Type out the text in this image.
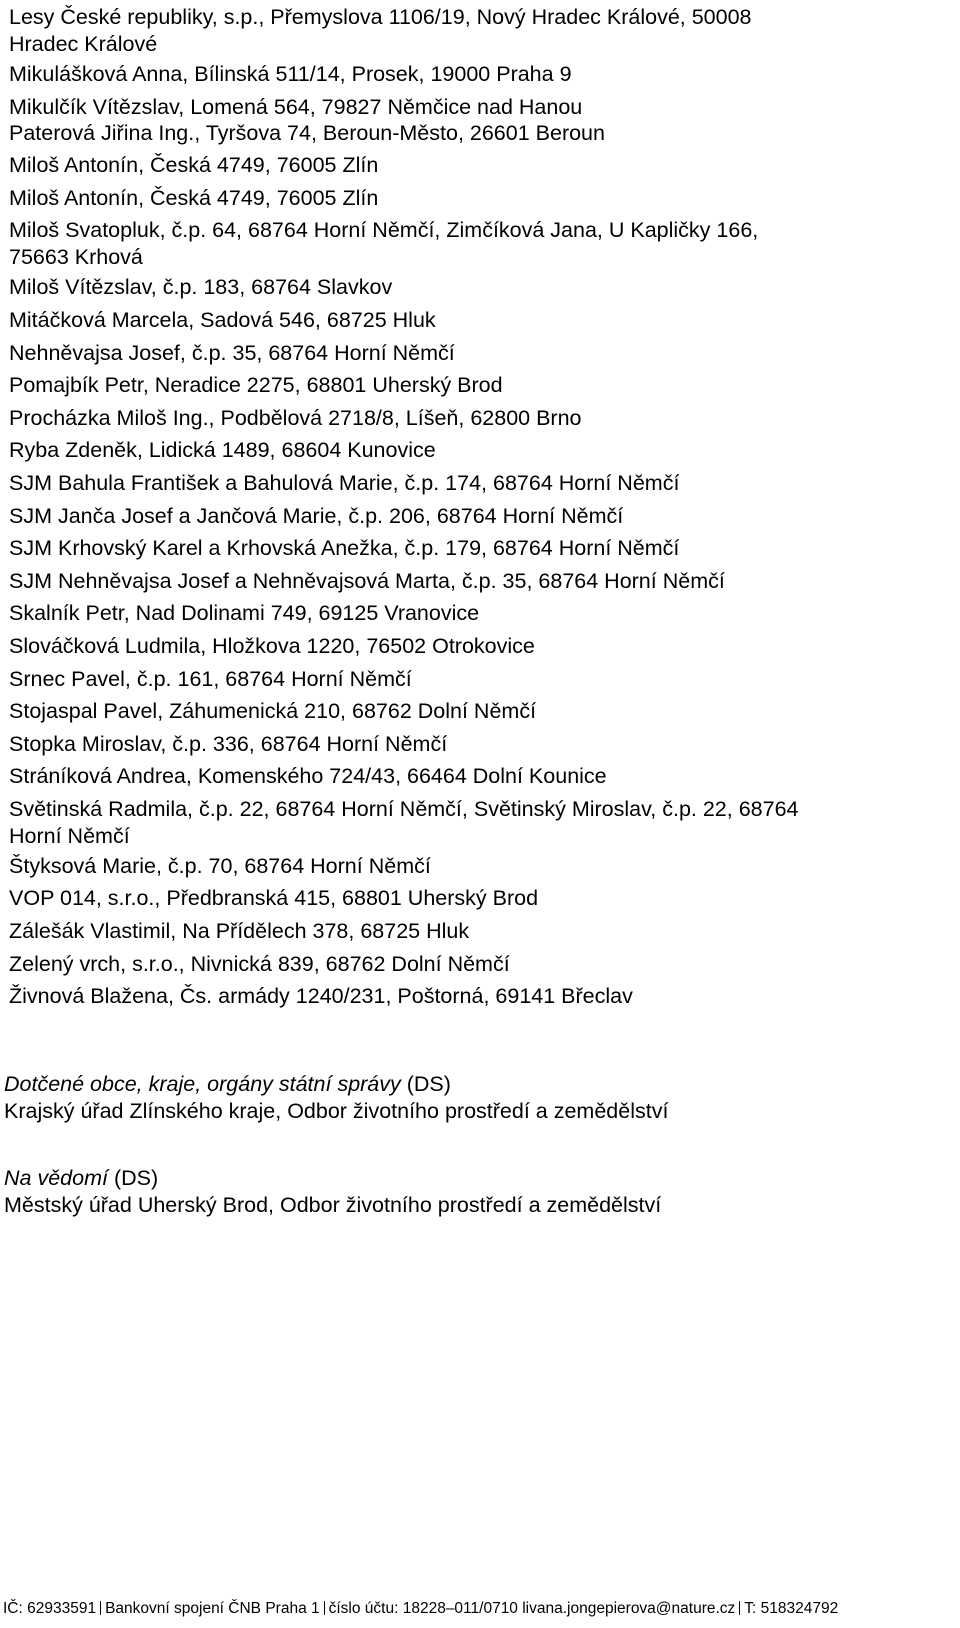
Lesy České republiky, s.p., Přemyslova 1106/19, Nový Hradec Králové, 50008 Hradec Králové
Mikulášková Anna, Bílinská 511/14, Prosek, 19000 Praha 9
Mikulčík Vítězslav, Lomená 564, 79827 Němčice nad Hanou
Paterová Jiřina Ing., Tyršova 74, Beroun-Město, 26601 Beroun
Miloš Antonín, Česká 4749, 76005 Zlín
Miloš Antonín, Česká 4749, 76005 Zlín
Miloš Svatopluk, č.p. 64, 68764 Horní Němčí, Zimčíková Jana, U Kapličky 166, 75663 Krhová
Miloš Vítězslav, č.p. 183, 68764 Slavkov
Mitáčková Marcela, Sadová 546, 68725 Hluk
Nehněvajsa Josef, č.p. 35, 68764 Horní Němčí
Pomajbík Petr, Neradice 2275, 68801 Uherský Brod
Procházka Miloš Ing., Podbělová 2718/8, Líšeň, 62800 Brno
Ryba Zdeněk, Lidická 1489, 68604 Kunovice
SJM Bahula František a Bahulová Marie, č.p. 174, 68764 Horní Němčí
SJM Janča Josef a Jančová Marie, č.p. 206, 68764 Horní Němčí
SJM Krhovský Karel a Krhovská Anežka, č.p. 179, 68764 Horní Němčí
SJM Nehněvajsa Josef a Nehněvajsová Marta, č.p. 35, 68764 Horní Němčí
Skalník Petr, Nad Dolinami 749, 69125 Vranovice
Slováčková Ludmila, Hložkova 1220, 76502 Otrokovice
Srnec Pavel, č.p. 161, 68764 Horní Němčí
Stojaspal Pavel, Záhumenická 210, 68762 Dolní Němčí
Stopka Miroslav, č.p. 336, 68764 Horní Němčí
Stráníková Andrea, Komenského 724/43, 66464 Dolní Kounice
Světinská Radmila, č.p. 22, 68764 Horní Němčí, Světinský Miroslav, č.p. 22, 68764 Horní Němčí
Štyksová Marie, č.p. 70, 68764 Horní Němčí
VOP 014, s.r.o., Předbranská 415, 68801 Uherský Brod
Zálešák Vlastimil, Na Přídělech 378, 68725 Hluk
Zelený vrch, s.r.o., Nivnická 839, 68762 Dolní Němčí
Živnová Blažena, Čs. armády 1240/231, Poštorná, 69141 Břeclav
Dotčené obce, kraje, orgány státní správy (DS)
Krajský úřad Zlínského kraje, Odbor životního prostředí a zemědělství
Na vědomí (DS)
Městský úřad Uherský Brod, Odbor životního prostředí a zemědělství
IČ: 62933591 Bankovní spojení ČNB Praha 1 číslo účtu: 18228–011/0710 livana.jongepierova@nature.cz T: 518324792
